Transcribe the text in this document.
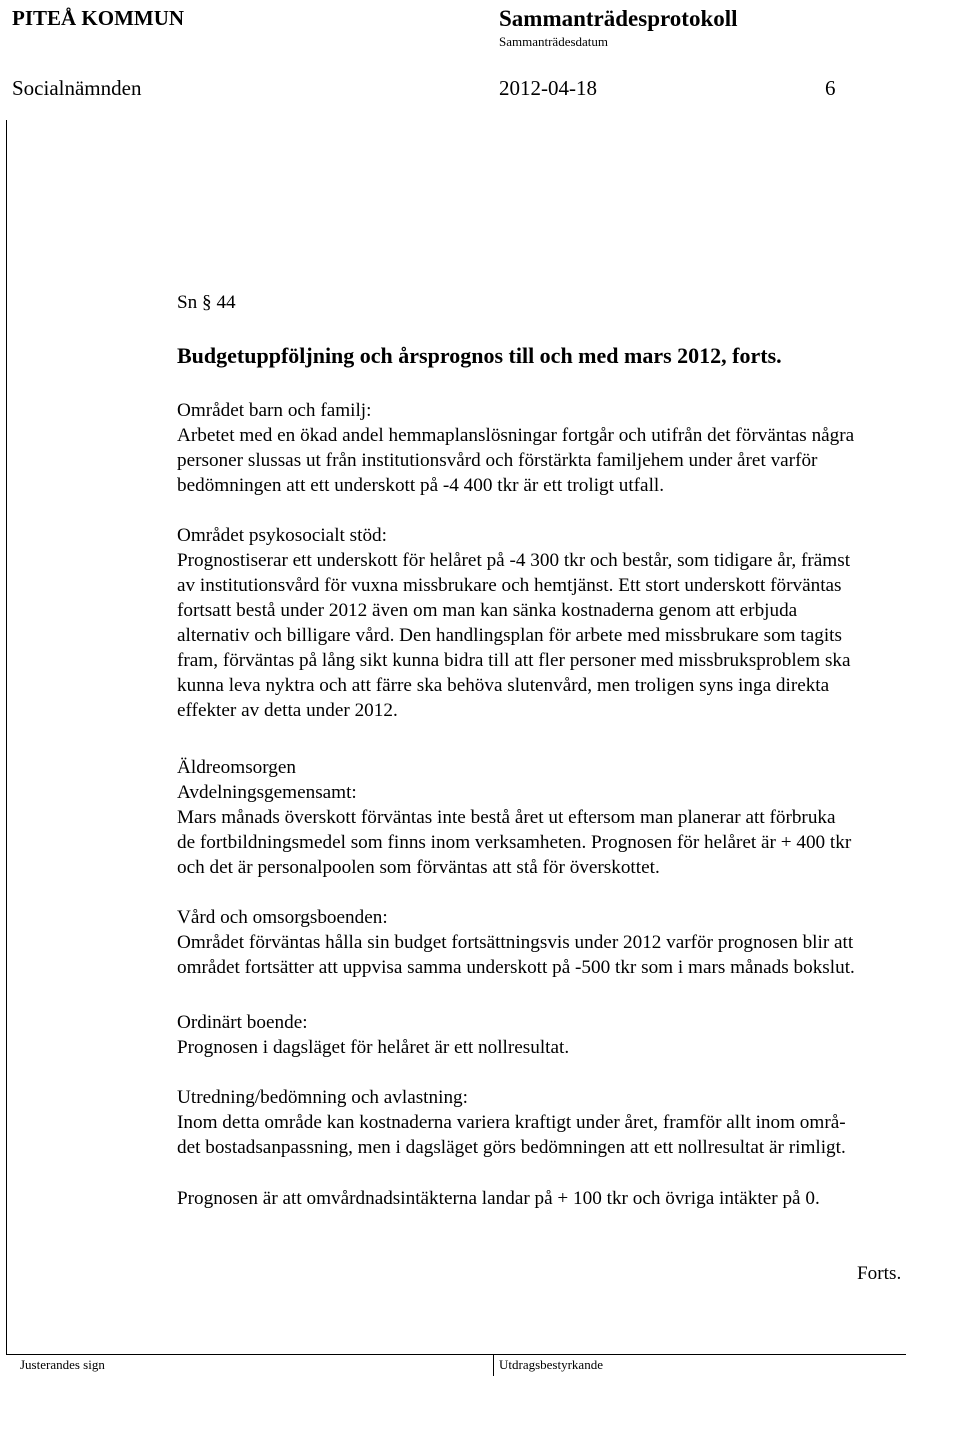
PITEÅ KOMMUN	Sammanträdesprotokoll
Sammanträdesdatum
Socialnämnden	2012-04-18	6
Sn § 44
Budgetuppföljning och årsprognos till och med mars 2012, forts.
Området barn och familj:
Arbetet med en ökad andel hemmaplanslösningar fortgår och utifrån det förväntas några
personer slussas ut från institutionsvård och förstärkta familjehem under året varför
bedömningen att ett underskott på -4 400 tkr är ett troligt utfall.
Området psykosocialt stöd:
Prognostiserar ett underskott för helåret på -4 300 tkr och består, som tidigare år, främst
av institutionsvård för vuxna missbrukare och hemtjänst. Ett stort underskott förväntas
fortsatt bestå under 2012 även om man kan sänka kostnaderna genom att erbjuda
alternativ och billigare vård. Den handlingsplan för arbete med missbrukare som tagits
fram, förväntas på lång sikt kunna bidra till att fler personer med missbruksproblem ska
kunna leva nyktra och att färre ska behöva slutenvård, men troligen syns inga direkta
effekter av detta under 2012.
Äldreomsorgen
Avdelningsgemensamt:
Mars månads överskott förväntas inte bestå året ut eftersom man planerar att förbruka
de fortbildningsmedel som finns inom verksamheten. Prognosen för helåret är + 400 tkr
och det är personalpoolen som förväntas att stå för överskottet.
Vård och omsorgsboenden:
Området förväntas hålla sin budget fortsättningsvis under 2012 varför prognosen blir att
området fortsätter att uppvisa samma underskott på -500 tkr som i mars månads bokslut.
Ordinärt boende:
Prognosen i dagsläget för helåret är ett nollresultat.
Utredning/bedömning och avlastning:
Inom detta område kan kostnaderna variera kraftigt under året, framför allt inom områ-
det bostadsanpassning, men i dagsläget görs bedömningen att ett nollresultat är rimligt.
Prognosen är att omvårdnadsintäkterna landar på + 100 tkr och övriga intäkter på 0.
Forts.
Justerandes sign	Utdragsbestyrkande
